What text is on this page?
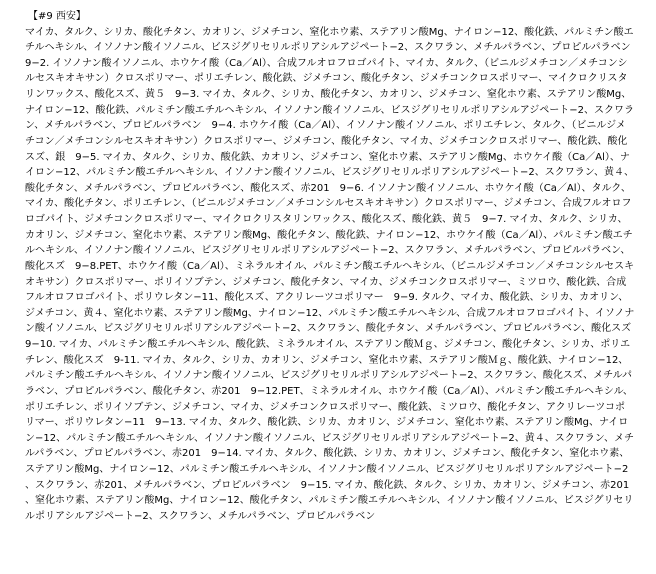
【#9 西安】

マイカ、タルク、シリカ、酸化チタン、カオリン、ジメチコン、窒化ホウ素、ステアリン酸Mg、ナイロン−12、酸化鉄、パルミチン酸エチルヘキシル、イソノナン酸イソノニル、ビスジグリセリルポリアシルアジペート−2、スクワラン、メチルパラベン、プロピルパラベン　9−2. イソノナン酸イソノニル、ホウケイ酸（Ca／Al）、合成フルオロフロゴパイト、マイカ、タルク、（ビニルジメチコン／メチコンシルセスキオキサン）クロスポリマー、ポリエチレン、酸化鉄、ジメチコン、酸化チタン、ジメチコンクロスポリマー、マイクロクリスタリンワックス、酸化スズ、黄５　9−3. マイカ、タルク、シリカ、酸化チタン、カオリン、ジメチコン、窒化ホウ素、ステアリン酸Mg、ナイロン−12、酸化鉄、パルミチン酸エチルヘキシル、イソノナン酸イソノニル、ビスジグリセリルポリアシルアジペート−2、スクワラン、メチルパラベン、プロピルパラベン　9−4. ホウケイ酸（Ca／Al）、イソノナン酸イソノニル、ポリエチレン、タルク、（ビニルジメチコン／メチコンシルセスキオキサン）クロスポリマー、ジメチコン、酸化チタン、マイカ、ジメチコンクロスポリマー、酸化鉄、酸化スズ、銀　9−5. マイカ、タルク、シリカ、酸化鉄、カオリン、ジメチコン、窒化ホウ素、ステアリン酸Mg、ホウケイ酸（Ca／Al）、ナイロン−12、パルミチン酸エチルヘキシル、イソノナン酸イソノニル、ビスジグリセリルポリアシルアジペート−2、スクワラン、黄４、酸化チタン、メチルパラベン、プロピルパラベン、酸化スズ、赤201　9−6. イソノナン酸イソノニル、ホウケイ酸（Ca／Al）、タルク、マイカ、酸化チタン、ポリエチレン、（ビニルジメチコン／メチコンシルセスキオキサン）クロスポリマー、ジメチコン、合成フルオロフロゴパイト、ジメチコンクロスポリマー、マイクロクリスタリンワックス、酸化スズ、酸化鉄、黄５　9−7. マイカ、タルク、シリカ、カオリン、ジメチコン、窒化ホウ素、ステアリン酸Mg、酸化チタン、酸化鉄、ナイロン−12、ホウケイ酸（Ca／Al）、パルミチン酸エチルヘキシル、イソノナン酸イソノニル、ビスジグリセリルポリアシルアジペート−2、スクワラン、メチルパラベン、プロピルパラベン、酸化スズ　9−8.PET、ホウケイ酸（Ca／Al）、ミネラルオイル、パルミチン酸エチルヘキシル、（ビニルジメチコン／メチコンシルセスキオキサン）クロスポリマー、ポリイソブテン、ジメチコン、酸化チタン、マイカ、ジメチコンクロスポリマー、ミツロウ、酸化鉄、合成フルオロフロゴパイト、ポリウレタン−11、酸化スズ、アクリレーツコポリマー　9−9. タルク、マイカ、酸化鉄、シリカ、カオリン、ジメチコン、黄４、窒化ホウ素、ステアリン酸Mg、ナイロン−12、パルミチン酸エチルヘキシル、合成フルオロフロゴパイト、イソノナン酸イソノニル、ビスジグリセリルポリアシルアジペート−2、スクワラン、酸化チタン、メチルパラベン、プロピルパラベン、酸化スズ　9−10. マイカ、パルミチン酸エチルヘキシル、酸化鉄、ミネラルオイル、ステアリン酸Ｍｇ、ジメチコン、酸化チタン、シリカ、ポリエチレン、酸化スズ　9-11. マイカ、タルク、シリカ、カオリン、ジメチコン、窒化ホウ素、ステアリン酸Ｍｇ、酸化鉄、ナイロン−12、パルミチン酸エチルヘキシル、イソノナン酸イソノニル、ビスジグリセリルポリアシルアジペート−2、スクワラン、酸化スズ、メチルパラベン、プロピルパラベン、酸化チタン、赤201　9−12.PET、ミネラルオイル、ホウケイ酸（Ca／Al）、パルミチン酸エチルヘキシル、ポリエチレン、ポリイソブテン、ジメチコン、マイカ、ジメチコンクロスポリマー、酸化鉄、ミツロウ、酸化チタン、アクリレーツコポリマー、ポリウレタン−11　9−13. マイカ、タルク、酸化鉄、シリカ、カオリン、ジメチコン、窒化ホウ素、ステアリン酸Mg、ナイロン−12、パルミチン酸エチルヘキシル、イソノナン酸イソノニル、ビスジグリセリルポリアシルアジペート−2、黄４、スクワラン、メチルパラベン、プロピルパラベン、赤201　9−14. マイカ、タルク、酸化鉄、シリカ、カオリン、ジメチコン、酸化チタン、窒化ホウ素、ステアリン酸Mg、ナイロン−12、パルミチン酸エチルヘキシル、イソノナン酸イソノニル、ビスジグリセリルポリアシルアジペート−2、スクワラン、赤201、メチルパラベン、プロピルパラベン　9−15. マイカ、酸化鉄、タルク、シリカ、カオリン、ジメチコン、赤201、窒化ホウ素、ステアリン酸Mg、ナイロン−12、酸化チタン、パルミチン酸エチルヘキシル、イソノナン酸イソノニル、ビスジグリセリルポリアシルアジペート−2、スクワラン、メチルパラベン、プロピルパラベン
